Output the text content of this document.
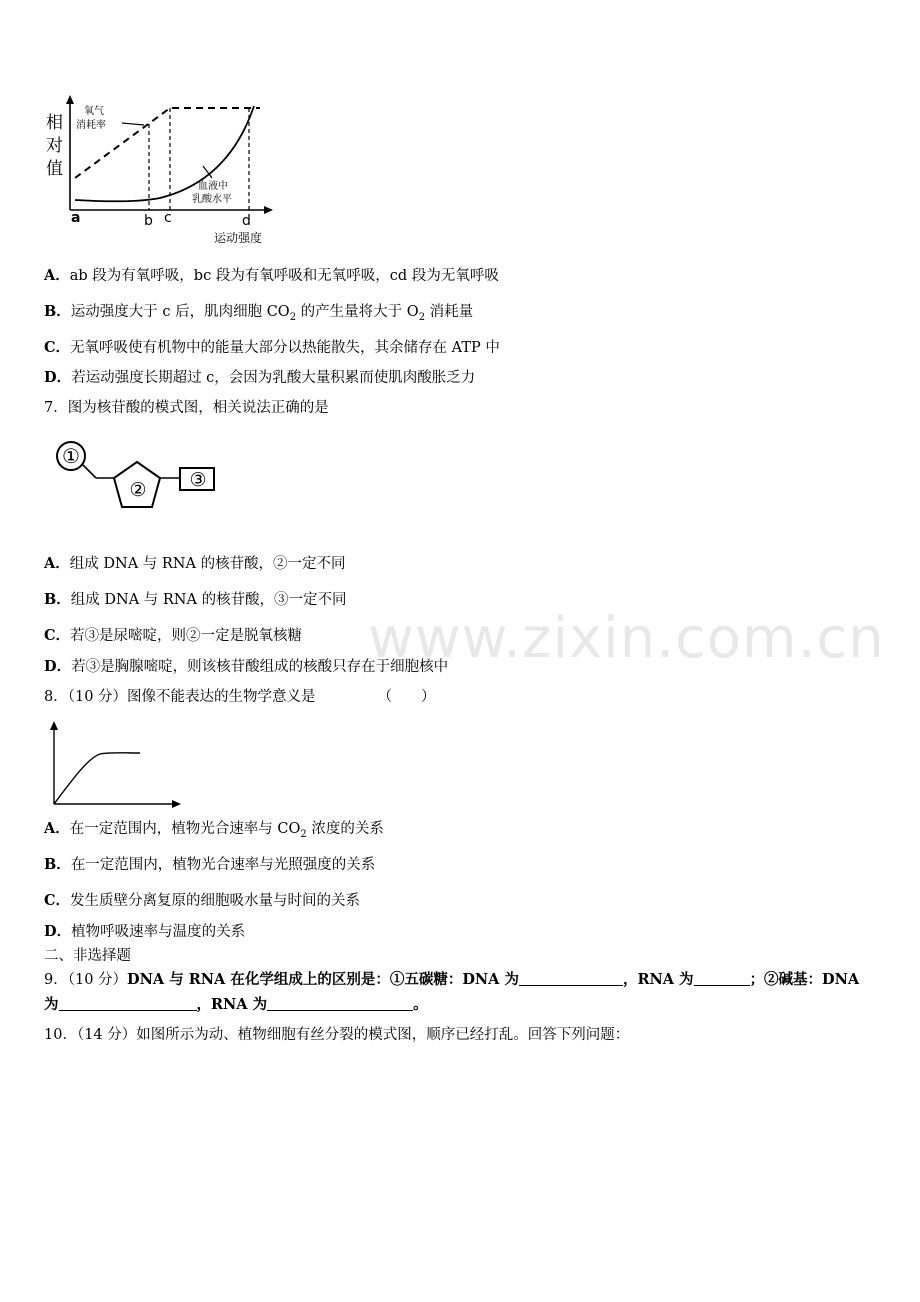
相
对
值
氧气
消耗率
血液中
乳酸水平
a	b c	d
运动强度
A．ab 段为有氧呼吸，bc 段为有氧呼吸和无氧呼吸，cd 段为无氧呼吸
B．运动强度大于 c 后，肌肉细胞 $CO_2$ 的产生量将大于 $O_2$ 消耗量
C．无氧呼吸使有机物中的能量大部分以热能散失，其余储存在 ATP 中
D．若运动强度长期超过 c，会因为乳酸大量积累而使肌肉酸胀乏力
7．图为核苷酸的模式图，相关说法正确的是
①
② ③
A．组成 DNA 与 RNA 的核苷酸，②一定不同
B．组成 DNA 与 RNA 的核苷酸，③一定不同
C．若③是尿嘧啶，则②一定是脱氧核糖
D．若③是胸腺嘧啶，则该核苷酸组成的核酸只存在于细胞核中
www.zixin.com.cn
8．（10 分）图像不能表达的生物学意义是	（　　）
A．在一定范围内，植物光合速率与 $CO_2$ 浓度的关系
B．在一定范围内，植物光合速率与光照强度的关系
C．发生质壁分离复原的细胞吸水量与时间的关系
D．植物呼吸速率与温度的关系
二、非选择题
9．（10 分）DNA 与 RNA 在化学组成上的区别是：①五碳糖：DNA 为	，RNA 为	；②碱基：DNA
为	，RNA 为	。
10．（14 分）如图所示为动、植物细胞有丝分裂的模式图，顺序已经打乱。回答下列问题：
